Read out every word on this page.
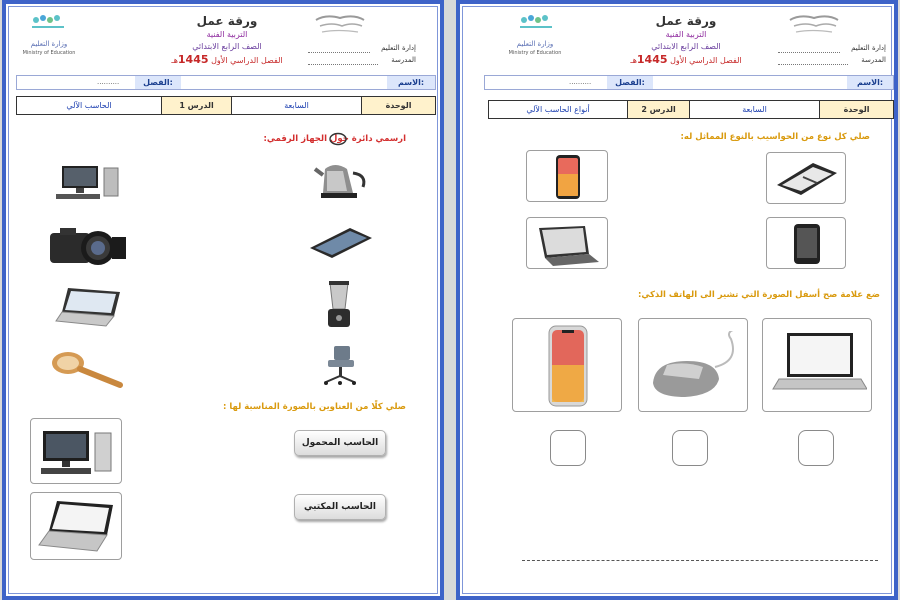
وزارة التعليم
Ministry of Education
ورقة عمل
التربية الفنية
الصف الرابع الابتدائي
الفصل الدراسي الأول 1445هـ
إدارة التعليم
المدرسة
الاسم:
الفصل:
..........
الوحدة
السابعة
الدرس 1
الحاسب الآلي
ارسمي دائرة حول الجهاز الرقمي:
صلي كلًا من العناوين بالصورة المناسبة لها :
الحاسب المحمول
الحاسب المكتبي
وزارة التعليم
Ministry of Education
ورقة عمل
التربية الفنية
الصف الرابع الابتدائي
الفصل الدراسي الأول 1445هـ
إدارة التعليم
المدرسة
الاسم:
الفصل:
..........
الوحدة
السابعة
الدرس 2
أنواع الحاسب الآلي
صلي كل نوع من الحواسيب بالنوع المماثل له:
ضع علامة صح أسفل الصورة التي تشير الى الهاتف الذكي:
